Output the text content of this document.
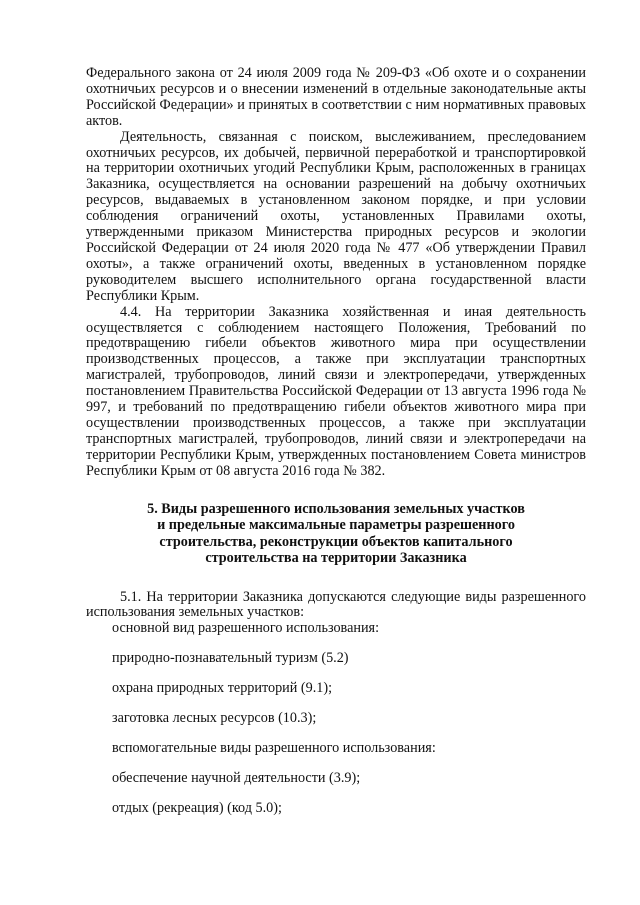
Федерального закона от 24 июля 2009 года № 209-ФЗ «Об охоте и о сохранении охотничьих ресурсов и о внесении изменений в отдельные законодательные акты Российской Федерации» и принятых в соответствии с ним нормативных правовых актов.

Деятельность, связанная с поиском, выслеживанием, преследованием охотничьих ресурсов, их добычей, первичной переработкой и транспортировкой на территории охотничьих угодий Республики Крым, расположенных в границах Заказника, осуществляется на основании разрешений на добычу охотничьих ресурсов, выдаваемых в установленном законом порядке, и при условии соблюдения ограничений охоты, установленных Правилами охоты, утвержденными приказом Министерства природных ресурсов и экологии Российской Федерации от 24 июля 2020 года № 477 «Об утверждении Правил охоты», а также ограничений охоты, введенных в установленном порядке руководителем высшего исполнительного органа государственной власти Республики Крым.

4.4. На территории Заказника хозяйственная и иная деятельность осуществляется с соблюдением настоящего Положения, Требований по предотвращению гибели объектов животного мира при осуществлении производственных процессов, а также при эксплуатации транспортных магистралей, трубопроводов, линий связи и электропередачи, утвержденных постановлением Правительства Российской Федерации от 13 августа 1996 года № 997, и требований по предотвращению гибели объектов животного мира при осуществлении производственных процессов, а также при эксплуатации транспортных магистралей, трубопроводов, линий связи и электропередачи на территории Республики Крым, утвержденных постановлением Совета министров Республики Крым от 08 августа 2016 года № 382.

5. Виды разрешенного использования земельных участков
и предельные максимальные параметры разрешенного
строительства, реконструкции объектов капитального
строительства на территории Заказника

5.1. На территории Заказника допускаются следующие виды разрешенного использования земельных участков:

основной вид разрешенного использования:

природно-познавательный туризм (5.2)

охрана природных территорий (9.1);

заготовка лесных ресурсов (10.3);

вспомогательные виды разрешенного использования:

обеспечение научной деятельности (3.9);

отдых (рекреация) (код 5.0);
